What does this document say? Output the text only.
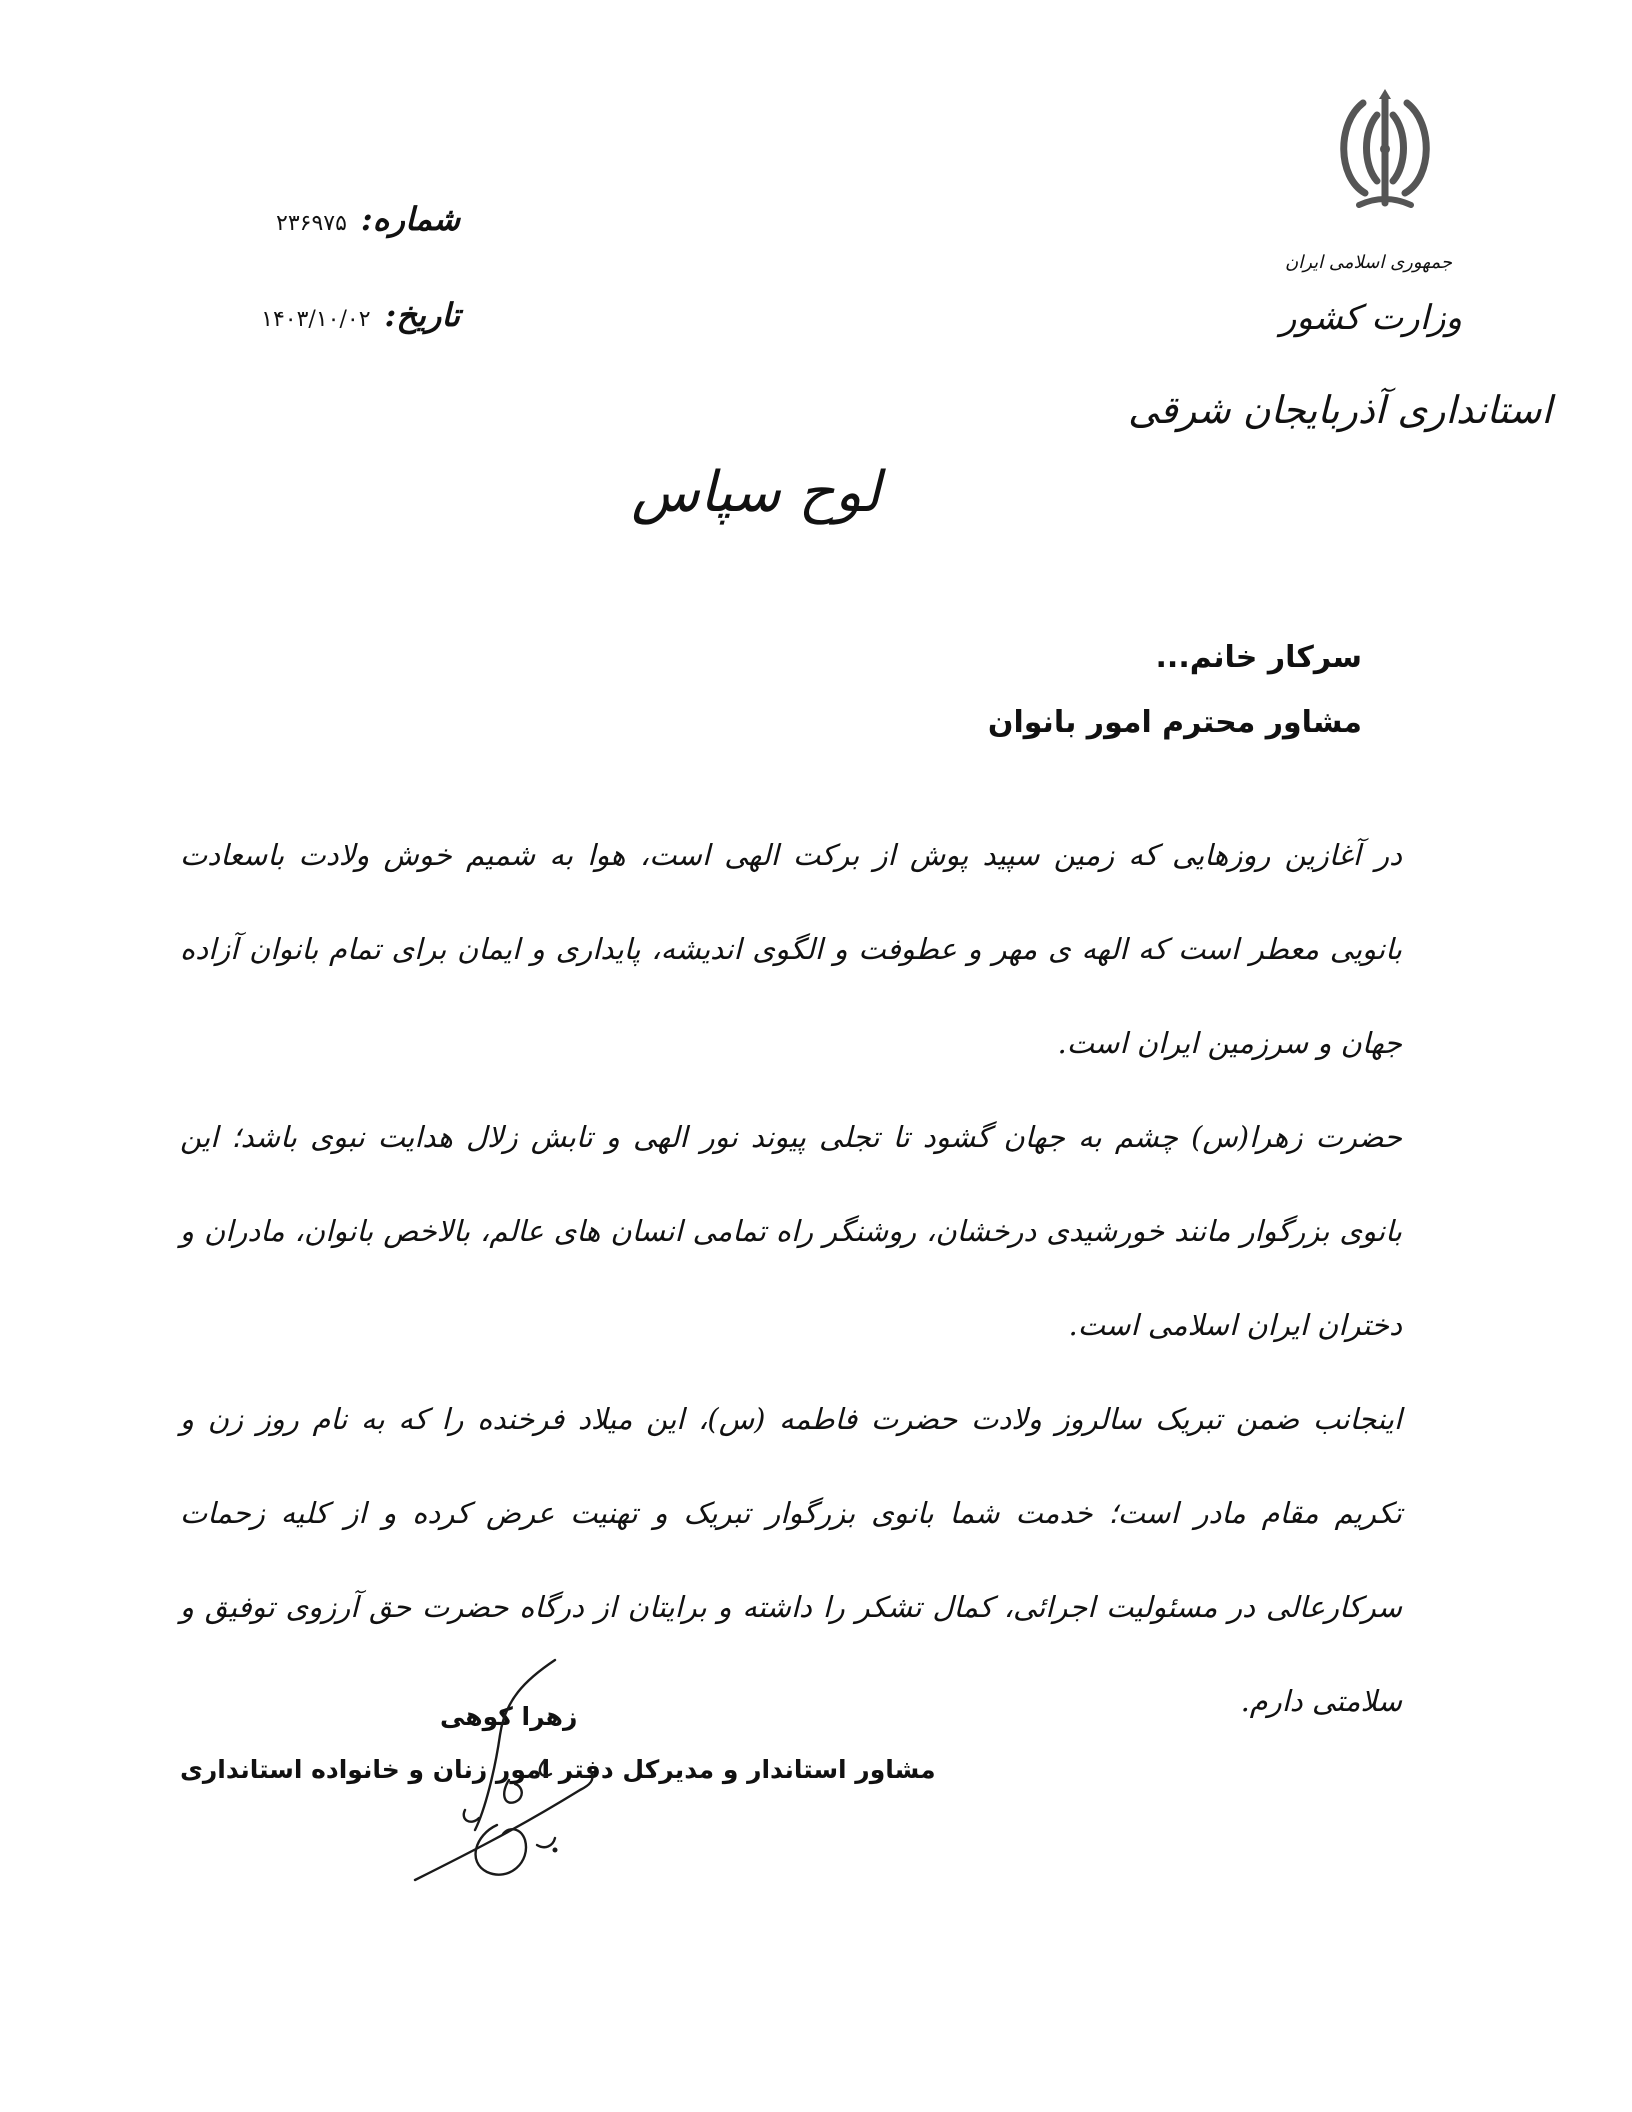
جمهوری اسلامی ایران
وزارت کشور
استانداری آذربایجان شرقی
شماره:۲۳۶۹۷۵
تاریخ:۱۴۰۳/۱۰/۰۲
لوح سپاس
سرکار خانم...
مشاور محترم امور بانوان

در آغازین روزهایی که زمین سپید پوش از برکت الهی است، هوا به شمیم خوش ولادت باسعادت بانویی معطر است که الهه ی مهر و عطوفت و الگوی اندیشه، پایداری و ایمان برای تمام بانوان آزاده جهان و سرزمین ایران است.

حضرت زهرا(س) چشم به جهان گشود تا تجلی پیوند نور الهی و تابش زلال هدایت نبوی باشد؛ این بانوی بزرگوار مانند خورشیدی درخشان، روشنگر راه تمامی انسان های عالم، بالاخص بانوان، مادران و دختران ایران اسلامی است.

اینجانب ضمن تبریک سالروز ولادت حضرت فاطمه (س)، این میلاد فرخنده را که به نام روز زن و تکریم مقام مادر است؛ خدمت شما بانوی بزرگوار تبریک و تهنیت عرض کرده و از کلیه زحمات سرکارعالی در مسئولیت اجرائی، کمال تشکر را داشته و برایتان از درگاه حضرت حق آرزوی توفیق و سلامتی دارم.

زهرا کوهی
مشاور استاندار و مدیرکل دفتر امور زنان و خانواده استانداری
